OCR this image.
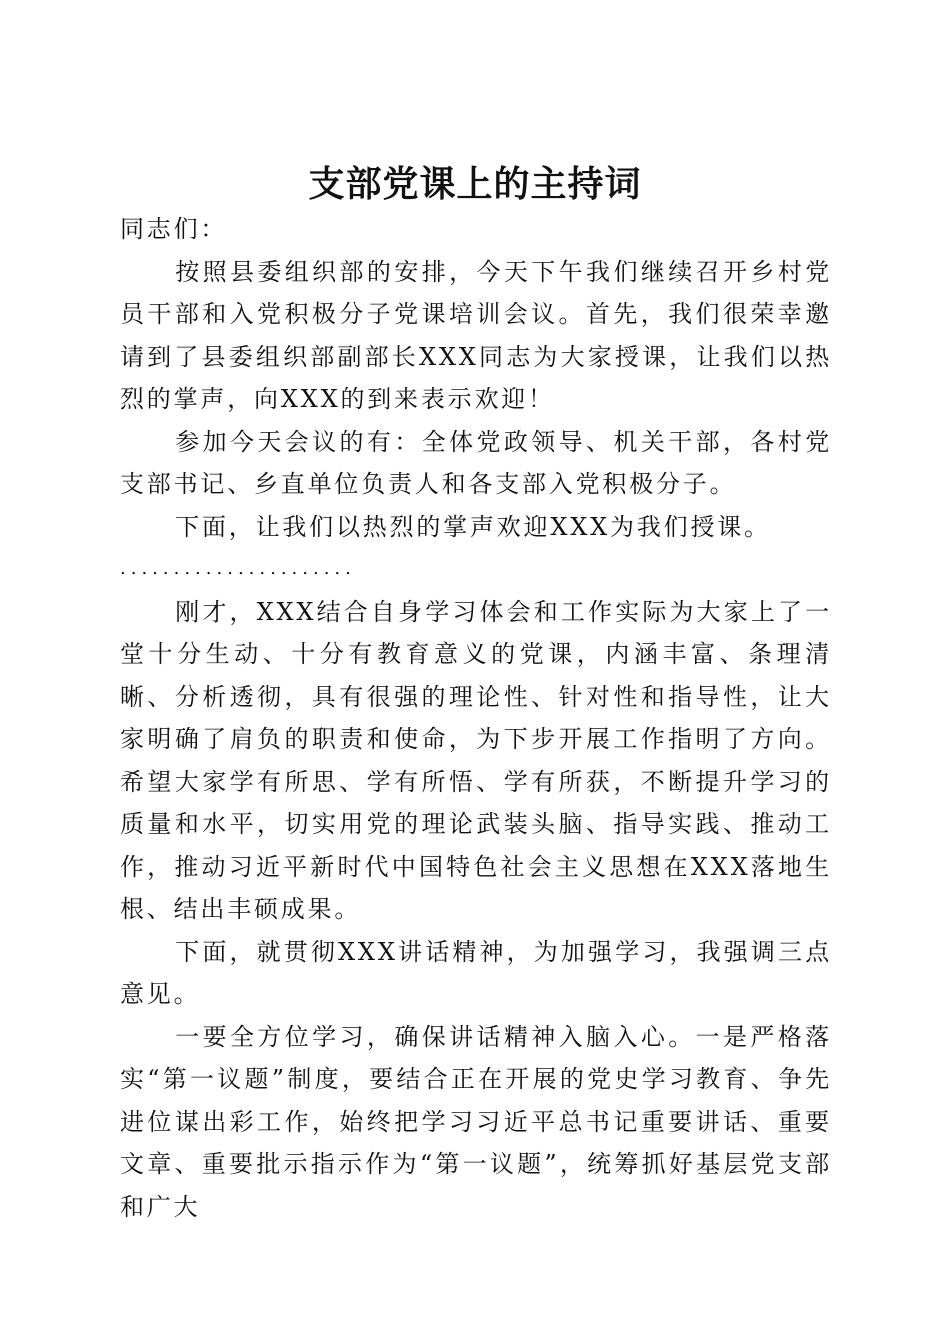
支部党课上的主持词

同志们：

按照县委组织部的安排，今天下午我们继续召开乡村党员干部和入党积极分子党课培训会议。首先，我们很荣幸邀请到了县委组织部副部长XXX同志为大家授课，让我们以热烈的掌声，向XXX的到来表示欢迎！

参加今天会议的有：全体党政领导、机关干部，各村党支部书记、乡直单位负责人和各支部入党积极分子。

下面，让我们以热烈的掌声欢迎XXX为我们授课。

......................

刚才，XXX结合自身学习体会和工作实际为大家上了一堂十分生动、十分有教育意义的党课，内涵丰富、条理清晰、分析透彻，具有很强的理论性、针对性和指导性，让大家明确了肩负的职责和使命，为下步开展工作指明了方向。希望大家学有所思、学有所悟、学有所获，不断提升学习的质量和水平，切实用党的理论武装头脑、指导实践、推动工作，推动习近平新时代中国特色社会主义思想在XXX落地生根、结出丰硕成果。

下面，就贯彻XXX讲话精神，为加强学习，我强调三点意见。

一要全方位学习，确保讲话精神入脑入心。一是严格落实“第一议题”制度，要结合正在开展的党史学习教育、争先进位谋出彩工作，始终把学习习近平总书记重要讲话、重要文章、重要批示指示作为“第一议题”，统筹抓好基层党支部和广大
